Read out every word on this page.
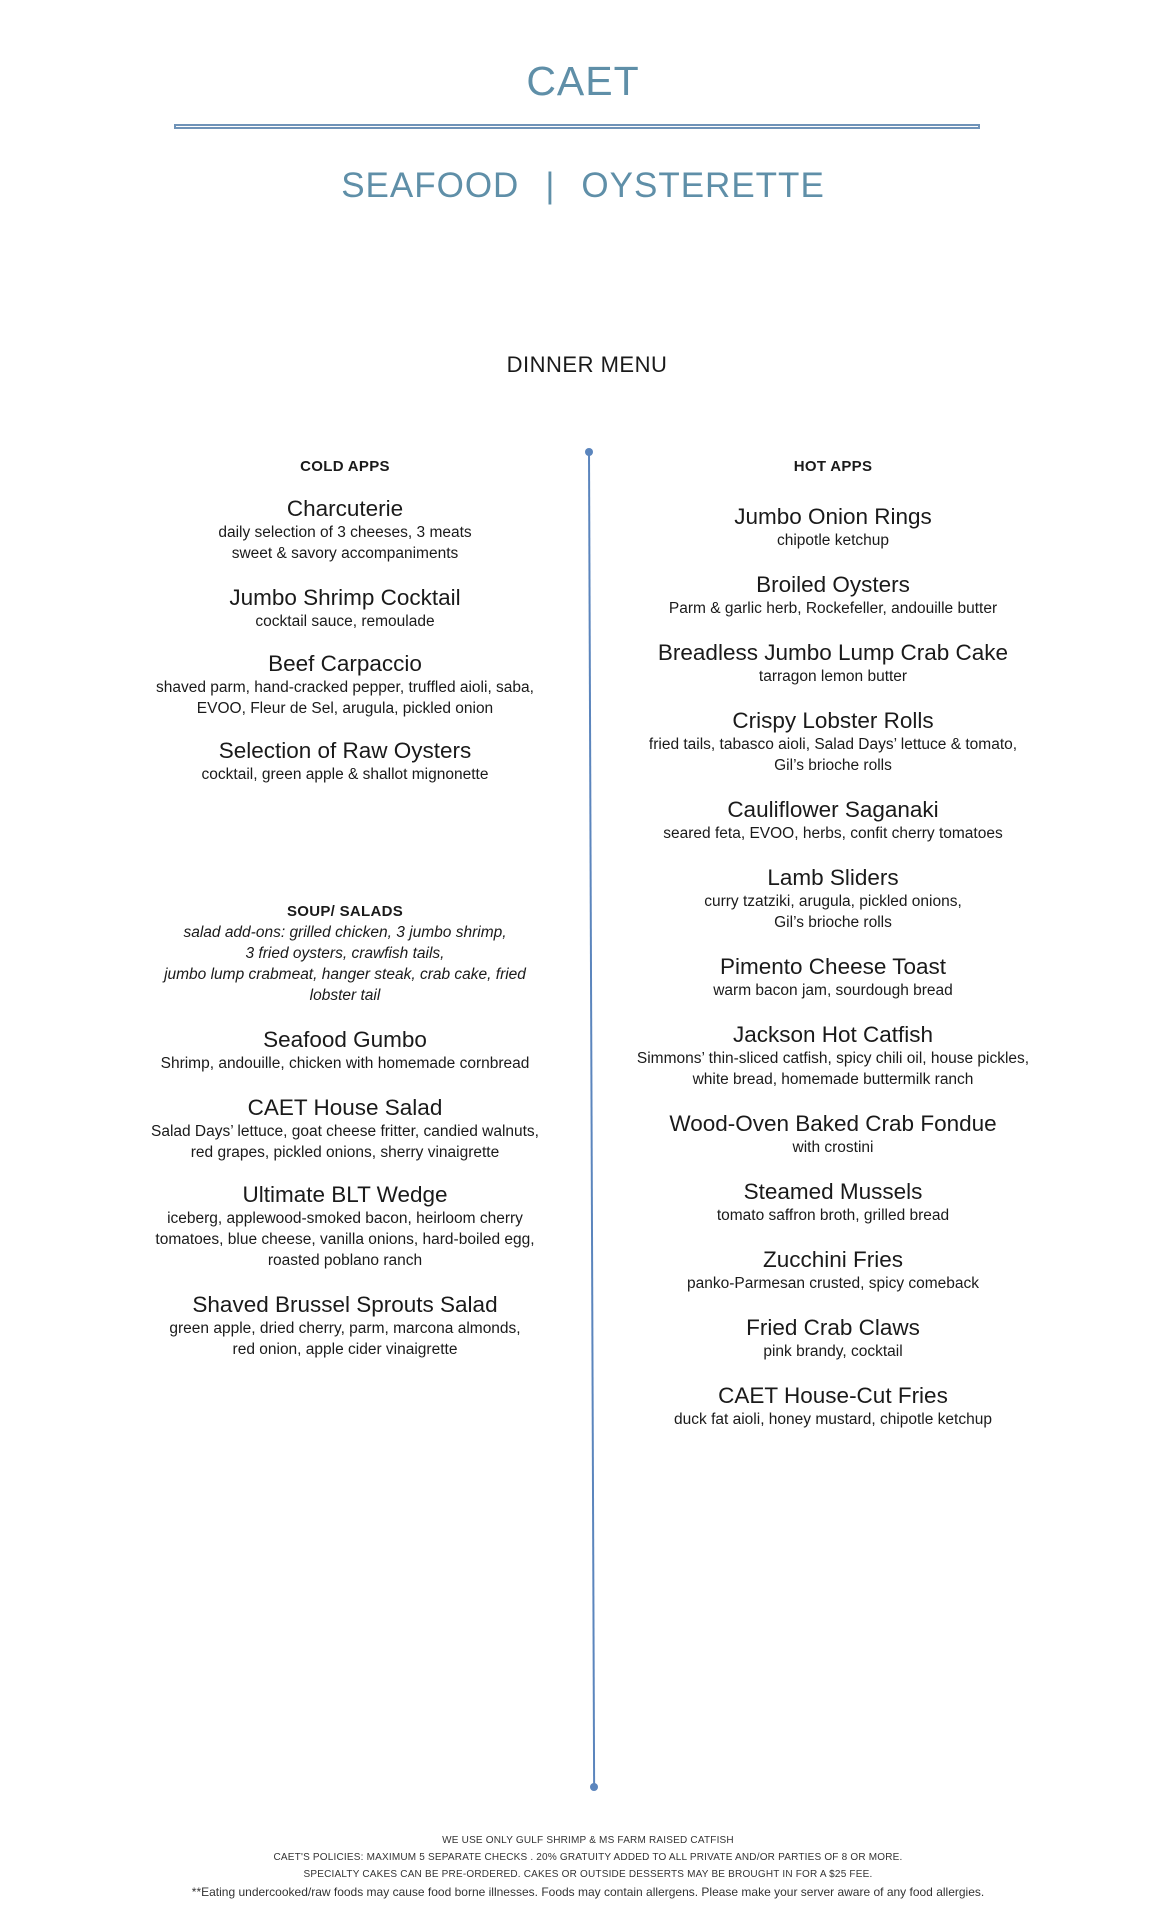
CAET
SEAFOOD | OYSTERETTE
DINNER MENU
COLD APPS
Charcuterie
daily selection of 3 cheeses, 3 meats
sweet & savory accompaniments
Jumbo Shrimp Cocktail
cocktail sauce, remoulade
Beef Carpaccio
shaved parm, hand-cracked pepper, truffled aioli, saba,
EVOO, Fleur de Sel, arugula, pickled onion
Selection of Raw Oysters
cocktail, green apple & shallot mignonette
SOUP/ SALADS
salad add-ons: grilled chicken, 3 jumbo shrimp,
3 fried oysters, crawfish tails,
jumbo lump crabmeat, hanger steak, crab cake, fried
lobster tail
Seafood Gumbo
Shrimp, andouille, chicken with homemade cornbread
CAET House Salad
Salad Days’ lettuce, goat cheese fritter, candied walnuts,
red grapes, pickled onions, sherry vinaigrette
Ultimate BLT Wedge
iceberg, applewood-smoked bacon, heirloom cherry
tomatoes, blue cheese, vanilla onions, hard-boiled egg,
roasted poblano ranch
Shaved Brussel Sprouts Salad
green apple, dried cherry, parm, marcona almonds,
red onion, apple cider vinaigrette
HOT APPS
Jumbo Onion Rings
chipotle ketchup
Broiled Oysters
Parm & garlic herb, Rockefeller, andouille butter
Breadless Jumbo Lump Crab Cake
tarragon lemon butter
Crispy Lobster Rolls
fried tails, tabasco aioli, Salad Days’ lettuce & tomato,
Gil’s brioche rolls
Cauliflower Saganaki
seared feta, EVOO, herbs, confit cherry tomatoes
Lamb Sliders
curry tzatziki, arugula, pickled onions,
Gil’s brioche rolls
Pimento Cheese Toast
warm bacon jam, sourdough bread
Jackson Hot Catfish
Simmons’ thin-sliced catfish, spicy chili oil, house pickles,
white bread, homemade buttermilk ranch
Wood-Oven Baked Crab Fondue
with crostini
Steamed Mussels
tomato saffron broth, grilled bread
Zucchini Fries
panko-Parmesan crusted, spicy comeback
Fried Crab Claws
pink brandy, cocktail
CAET House-Cut Fries
duck fat aioli, honey mustard, chipotle ketchup
WE USE ONLY GULF SHRIMP & MS FARM RAISED CATFISH
CAET'S POLICIES: MAXIMUM 5 SEPARATE CHECKS . 20% GRATUITY ADDED TO ALL PRIVATE AND/OR PARTIES OF 8 OR MORE.
SPECIALTY CAKES CAN BE PRE-ORDERED. CAKES OR OUTSIDE DESSERTS MAY BE BROUGHT IN FOR A $25 FEE.
**Eating undercooked/raw foods may cause food borne illnesses. Foods may contain allergens. Please make your server aware of any food allergies.
